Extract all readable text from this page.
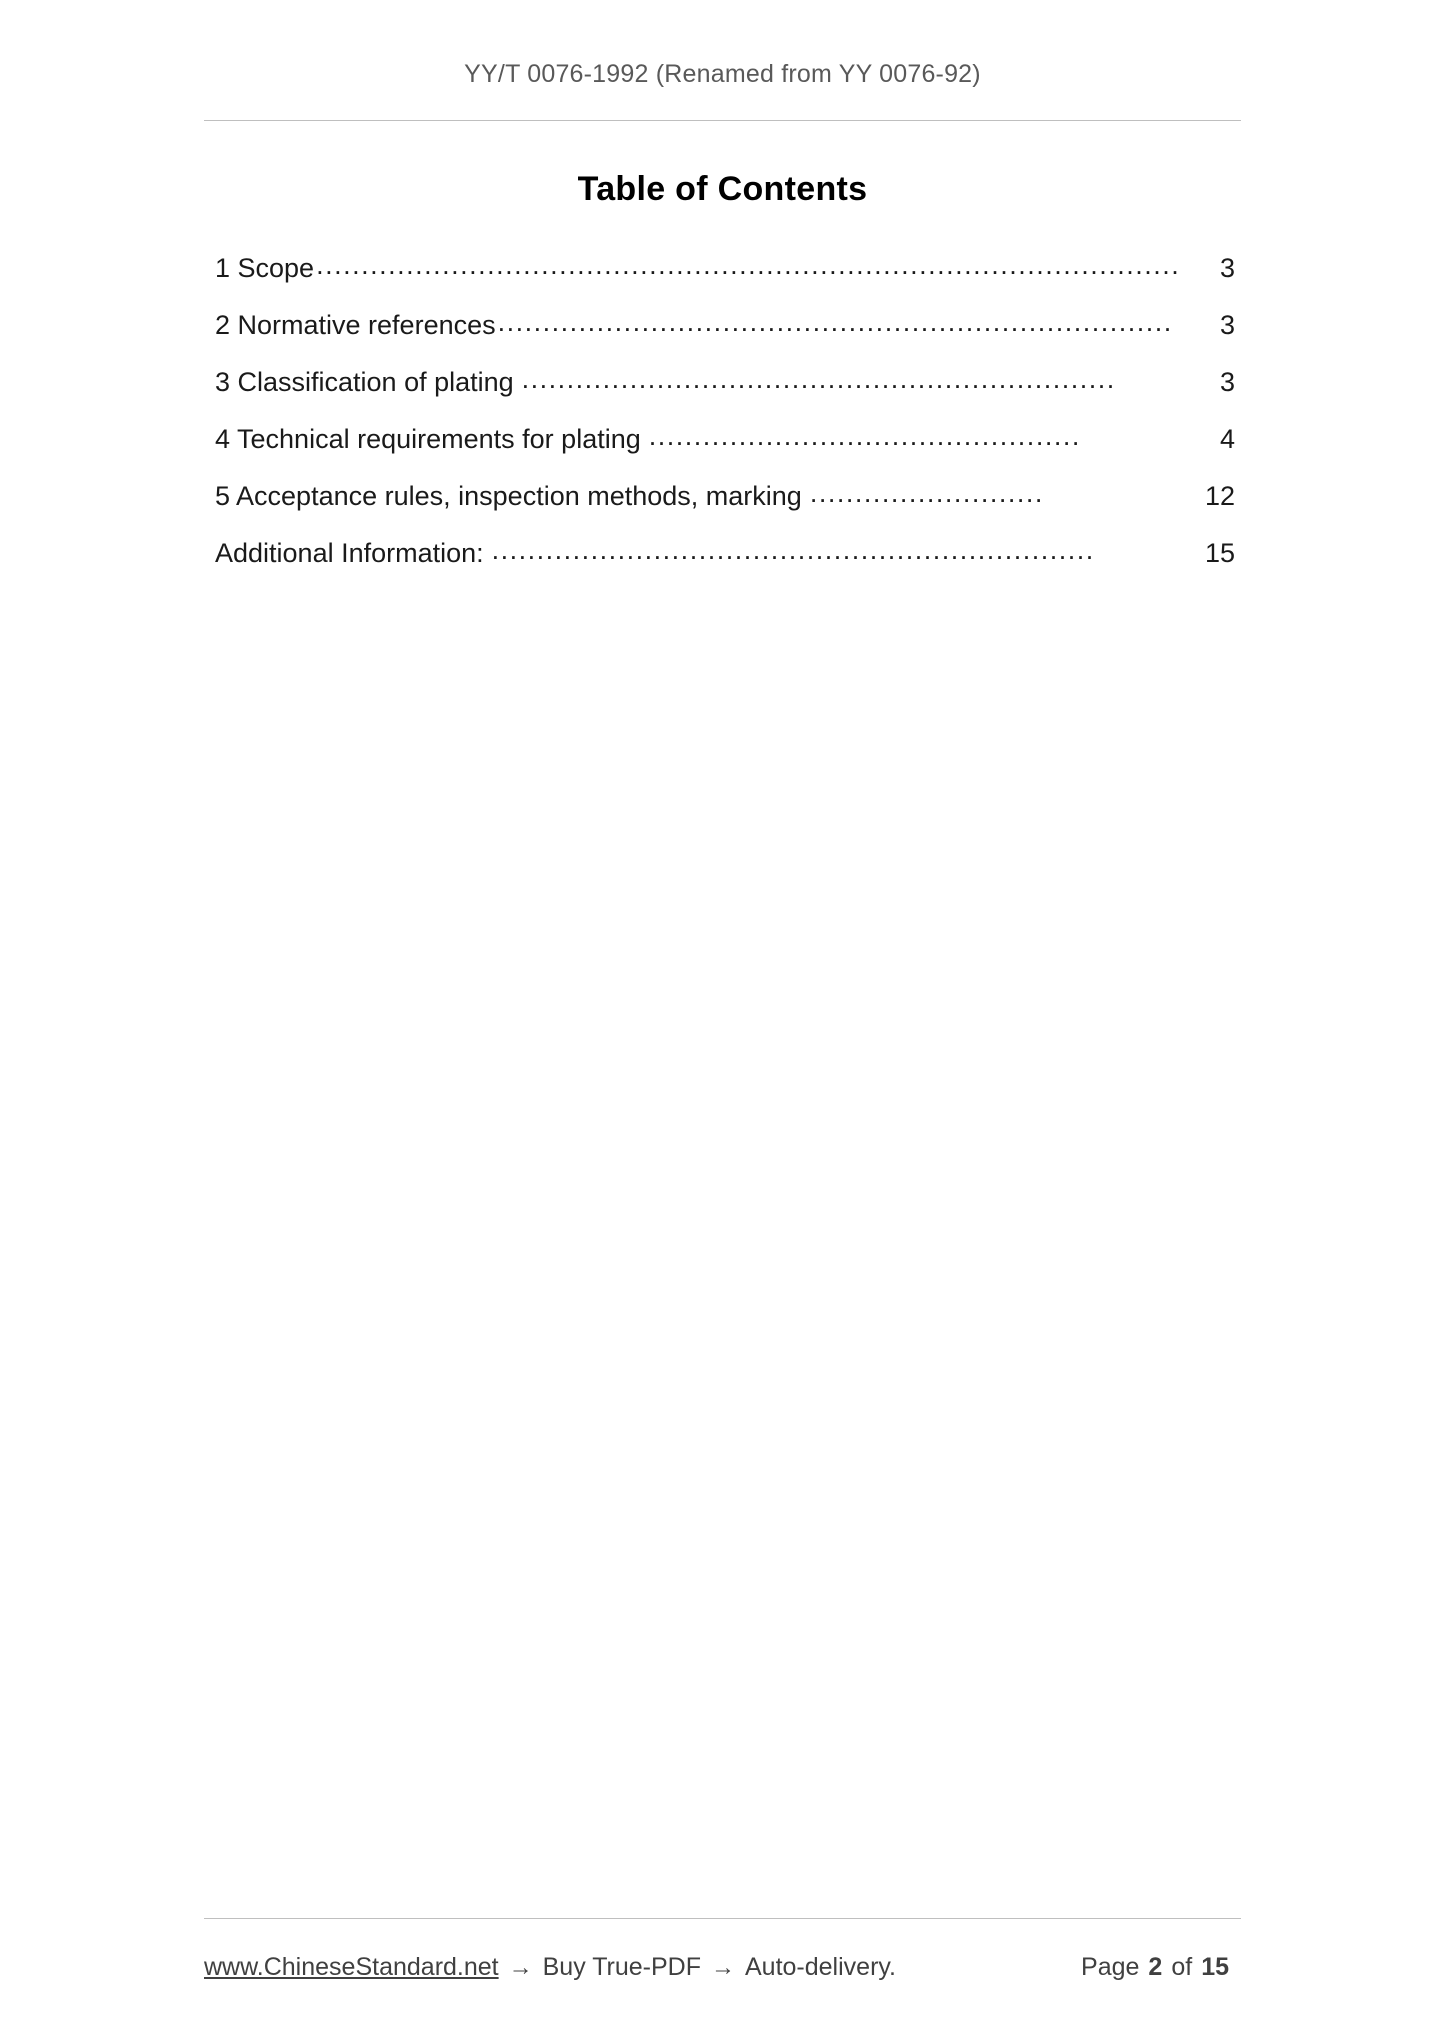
YY/T 0076-1992 (Renamed from YY 0076-92)
Table of Contents
1 Scope ................................................................................................	3
2 Normative references ...........................................................................	3
3 Classification of plating ..................................................................	3
4 Technical requirements for plating ................................................	4
5 Acceptance rules, inspection methods, marking ..........................	12
Additional Information: ...................................................................	15
www.ChineseStandard.net → Buy True-PDF → Auto-delivery.	Page 2 of 15
